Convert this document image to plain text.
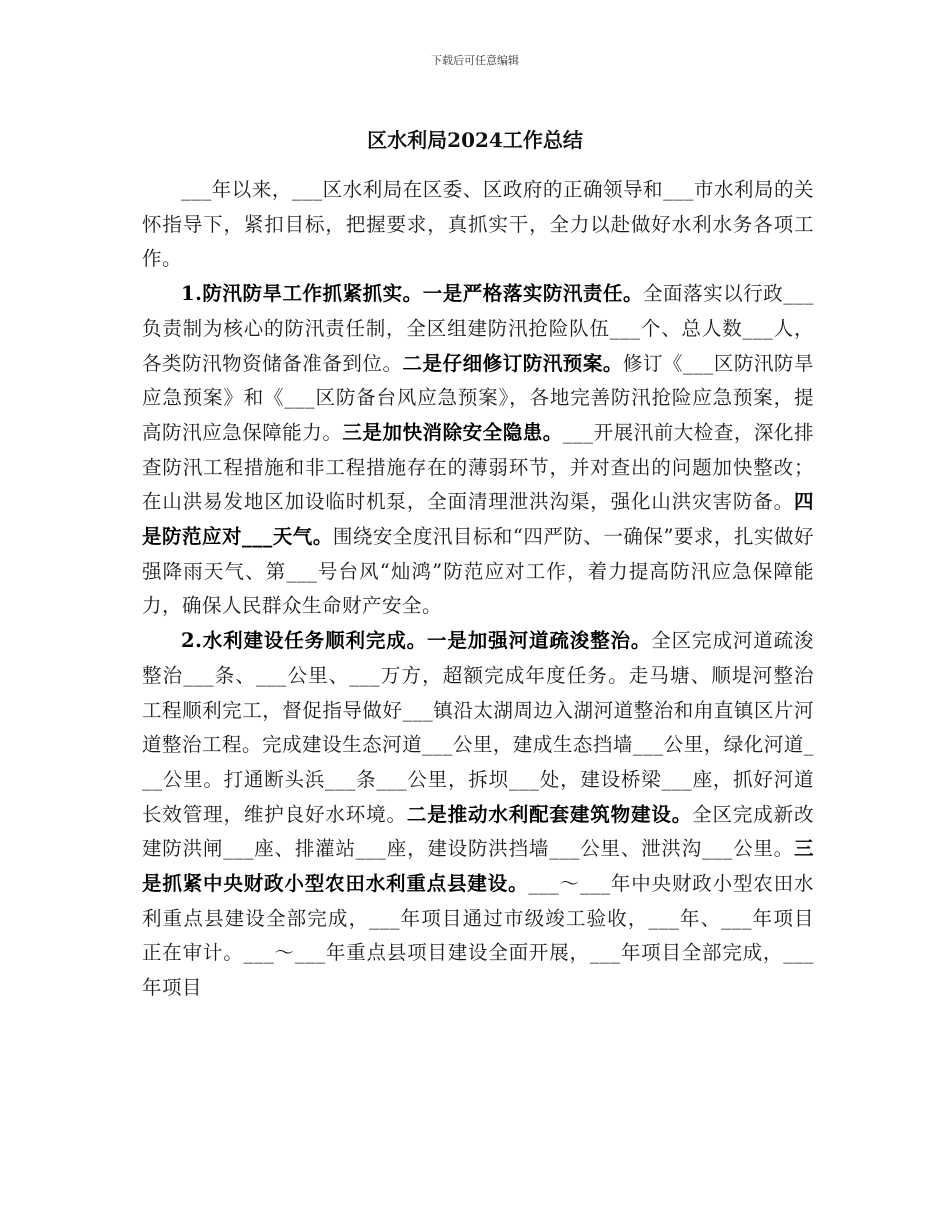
下载后可任意编辑
区水利局2024工作总结

___年以来，___区水利局在区委、区政府的正确领导和___市水利局的关怀指导下，紧扣目标，把握要求，真抓实干，全力以赴做好水利水务各项工作。

1.防汛防旱工作抓紧抓实。一是严格落实防汛责任。全面落实以行政___负责制为核心的防汛责任制，全区组建防汛抢险队伍___个、总人数___人，各类防汛物资储备准备到位。二是仔细修订防汛预案。修订《___区防汛防旱应急预案》和《___区防备台风应急预案》，各地完善防汛抢险应急预案，提高防汛应急保障能力。三是加快消除安全隐患。___开展汛前大检查，深化排查防汛工程措施和非工程措施存在的薄弱环节，并对查出的问题加快整改；在山洪易发地区加设临时机泵，全面清理泄洪沟渠，强化山洪灾害防备。四是防范应对___天气。围绕安全度汛目标和“四严防、一确保”要求，扎实做好强降雨天气、第___号台风“灿鸿”防范应对工作，着力提高防汛应急保障能力，确保人民群众生命财产安全。

2.水利建设任务顺利完成。一是加强河道疏浚整治。全区完成河道疏浚整治___条、___公里、___万方，超额完成年度任务。走马塘、顺堤河整治工程顺利完工，督促指导做好___镇沿太湖周边入湖河道整治和甪直镇区片河道整治工程。完成建设生态河道___公里，建成生态挡墙___公里，绿化河道___公里。打通断头浜___条___公里，拆坝___处，建设桥梁___座，抓好河道长效管理，维护良好水环境。二是推动水利配套建筑物建设。全区完成新改建防洪闸___座、排灌站___座，建设防洪挡墙___公里、泄洪沟___公里。三是抓紧中央财政小型农田水利重点县建设。___～___年中央财政小型农田水利重点县建设全部完成，___年项目通过市级竣工验收，___年、___年项目正在审计。___～___年重点县项目建设全面开展，___年项目全部完成，___年项目
